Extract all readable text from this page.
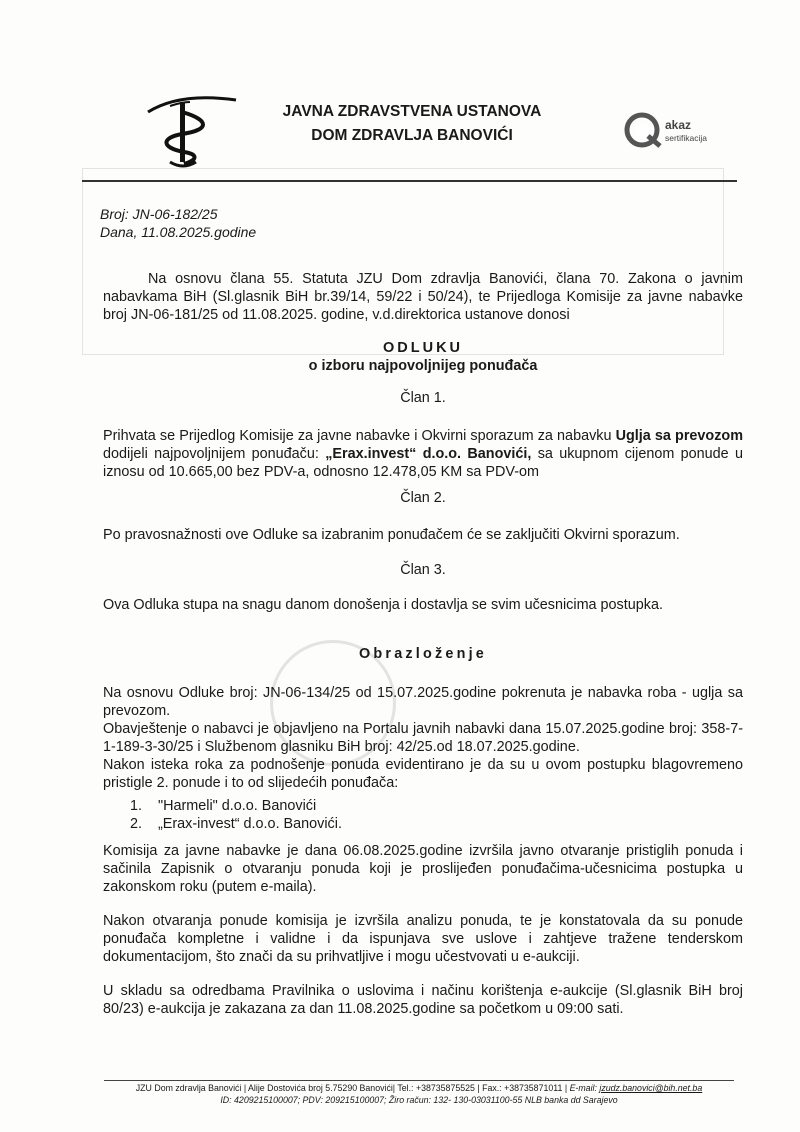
JAVNA ZDRAVSTVENA USTANOVA
DOM ZDRAVLJA BANOVIĆI
akaz
sertifikacija
Broj: JN-06-182/25
Dana, 11.08.2025.godine
Na osnovu člana 55. Statuta JZU Dom zdravlja Banovići, člana 70. Zakona o javnim nabavkama BiH (Sl.glasnik BiH br.39/14, 59/22 i 50/24), te Prijedloga Komisije za javne nabavke broj JN-06-181/25 od 11.08.2025. godine, v.d.direktorica ustanove donosi
ODLUKU
o izboru najpovoljnijeg ponuđača
Član 1.
Prihvata se Prijedlog Komisije za javne nabavke i Okvirni sporazum za nabavku Uglja sa prevozom dodijeli najpovoljnijem ponuđaču: „Erax.invest“ d.o.o. Banovići, sa ukupnom cijenom ponude u iznosu od 10.665,00 bez PDV-a, odnosno 12.478,05 KM sa PDV-om
Član 2.
Po pravosnažnosti ove Odluke sa izabranim ponuđačem će se zaključiti Okvirni sporazum.
Član 3.
Ova Odluka stupa na snagu danom donošenja i dostavlja se svim učesnicima postupka.
Obrazloženje
Na osnovu Odluke broj: JN-06-134/25 od 15.07.2025.godine pokrenuta je nabavka roba - uglja sa prevozom.
Obavještenje o nabavci je objavljeno na Portalu javnih nabavki dana 15.07.2025.godine broj: 358-7-1-189-3-30/25 i Službenom glasniku BiH broj: 42/25.od 18.07.2025.godine.
Nakon isteka roka za podnošenje ponuda evidentirano je da su u ovom postupku blagovremeno pristigle 2. ponude i to od slijedećih ponuđača:
1. "Harmeli" d.o.o. Banovići
2. „Erax-invest“ d.o.o. Banovići.
Komisija za javne nabavke je dana 06.08.2025.godine izvršila javno otvaranje pristiglih ponuda i sačinila Zapisnik o otvaranju ponuda koji je proslijeđen ponuđačima-učesnicima postupka u zakonskom roku (putem e-maila).
Nakon otvaranja ponude komisija je izvršila analizu ponuda, te je konstatovala da su ponude ponuđača kompletne i validne i da ispunjava sve uslove i zahtjeve tražene tenderskom dokumentacijom, što znači da su prihvatljive i mogu učestvovati u e-aukciji.
U skladu sa odredbama Pravilnika o uslovima i načinu korištenja e-aukcije (Sl.glasnik BiH broj 80/23) e-aukcija je zakazana za dan 11.08.2025.godine sa početkom u 09:00 sati.
JZU Dom zdravlja Banovići | Alije Dostovića broj 5.75290 Banovići| Tel.: +38735875525 | Fax.: +38735871011 | E-mail: jzudz.banovici@bih.net.ba
ID: 4209215100007; PDV: 209215100007; Žiro račun: 132- 130-03031100-55 NLB banka dd Sarajevo
